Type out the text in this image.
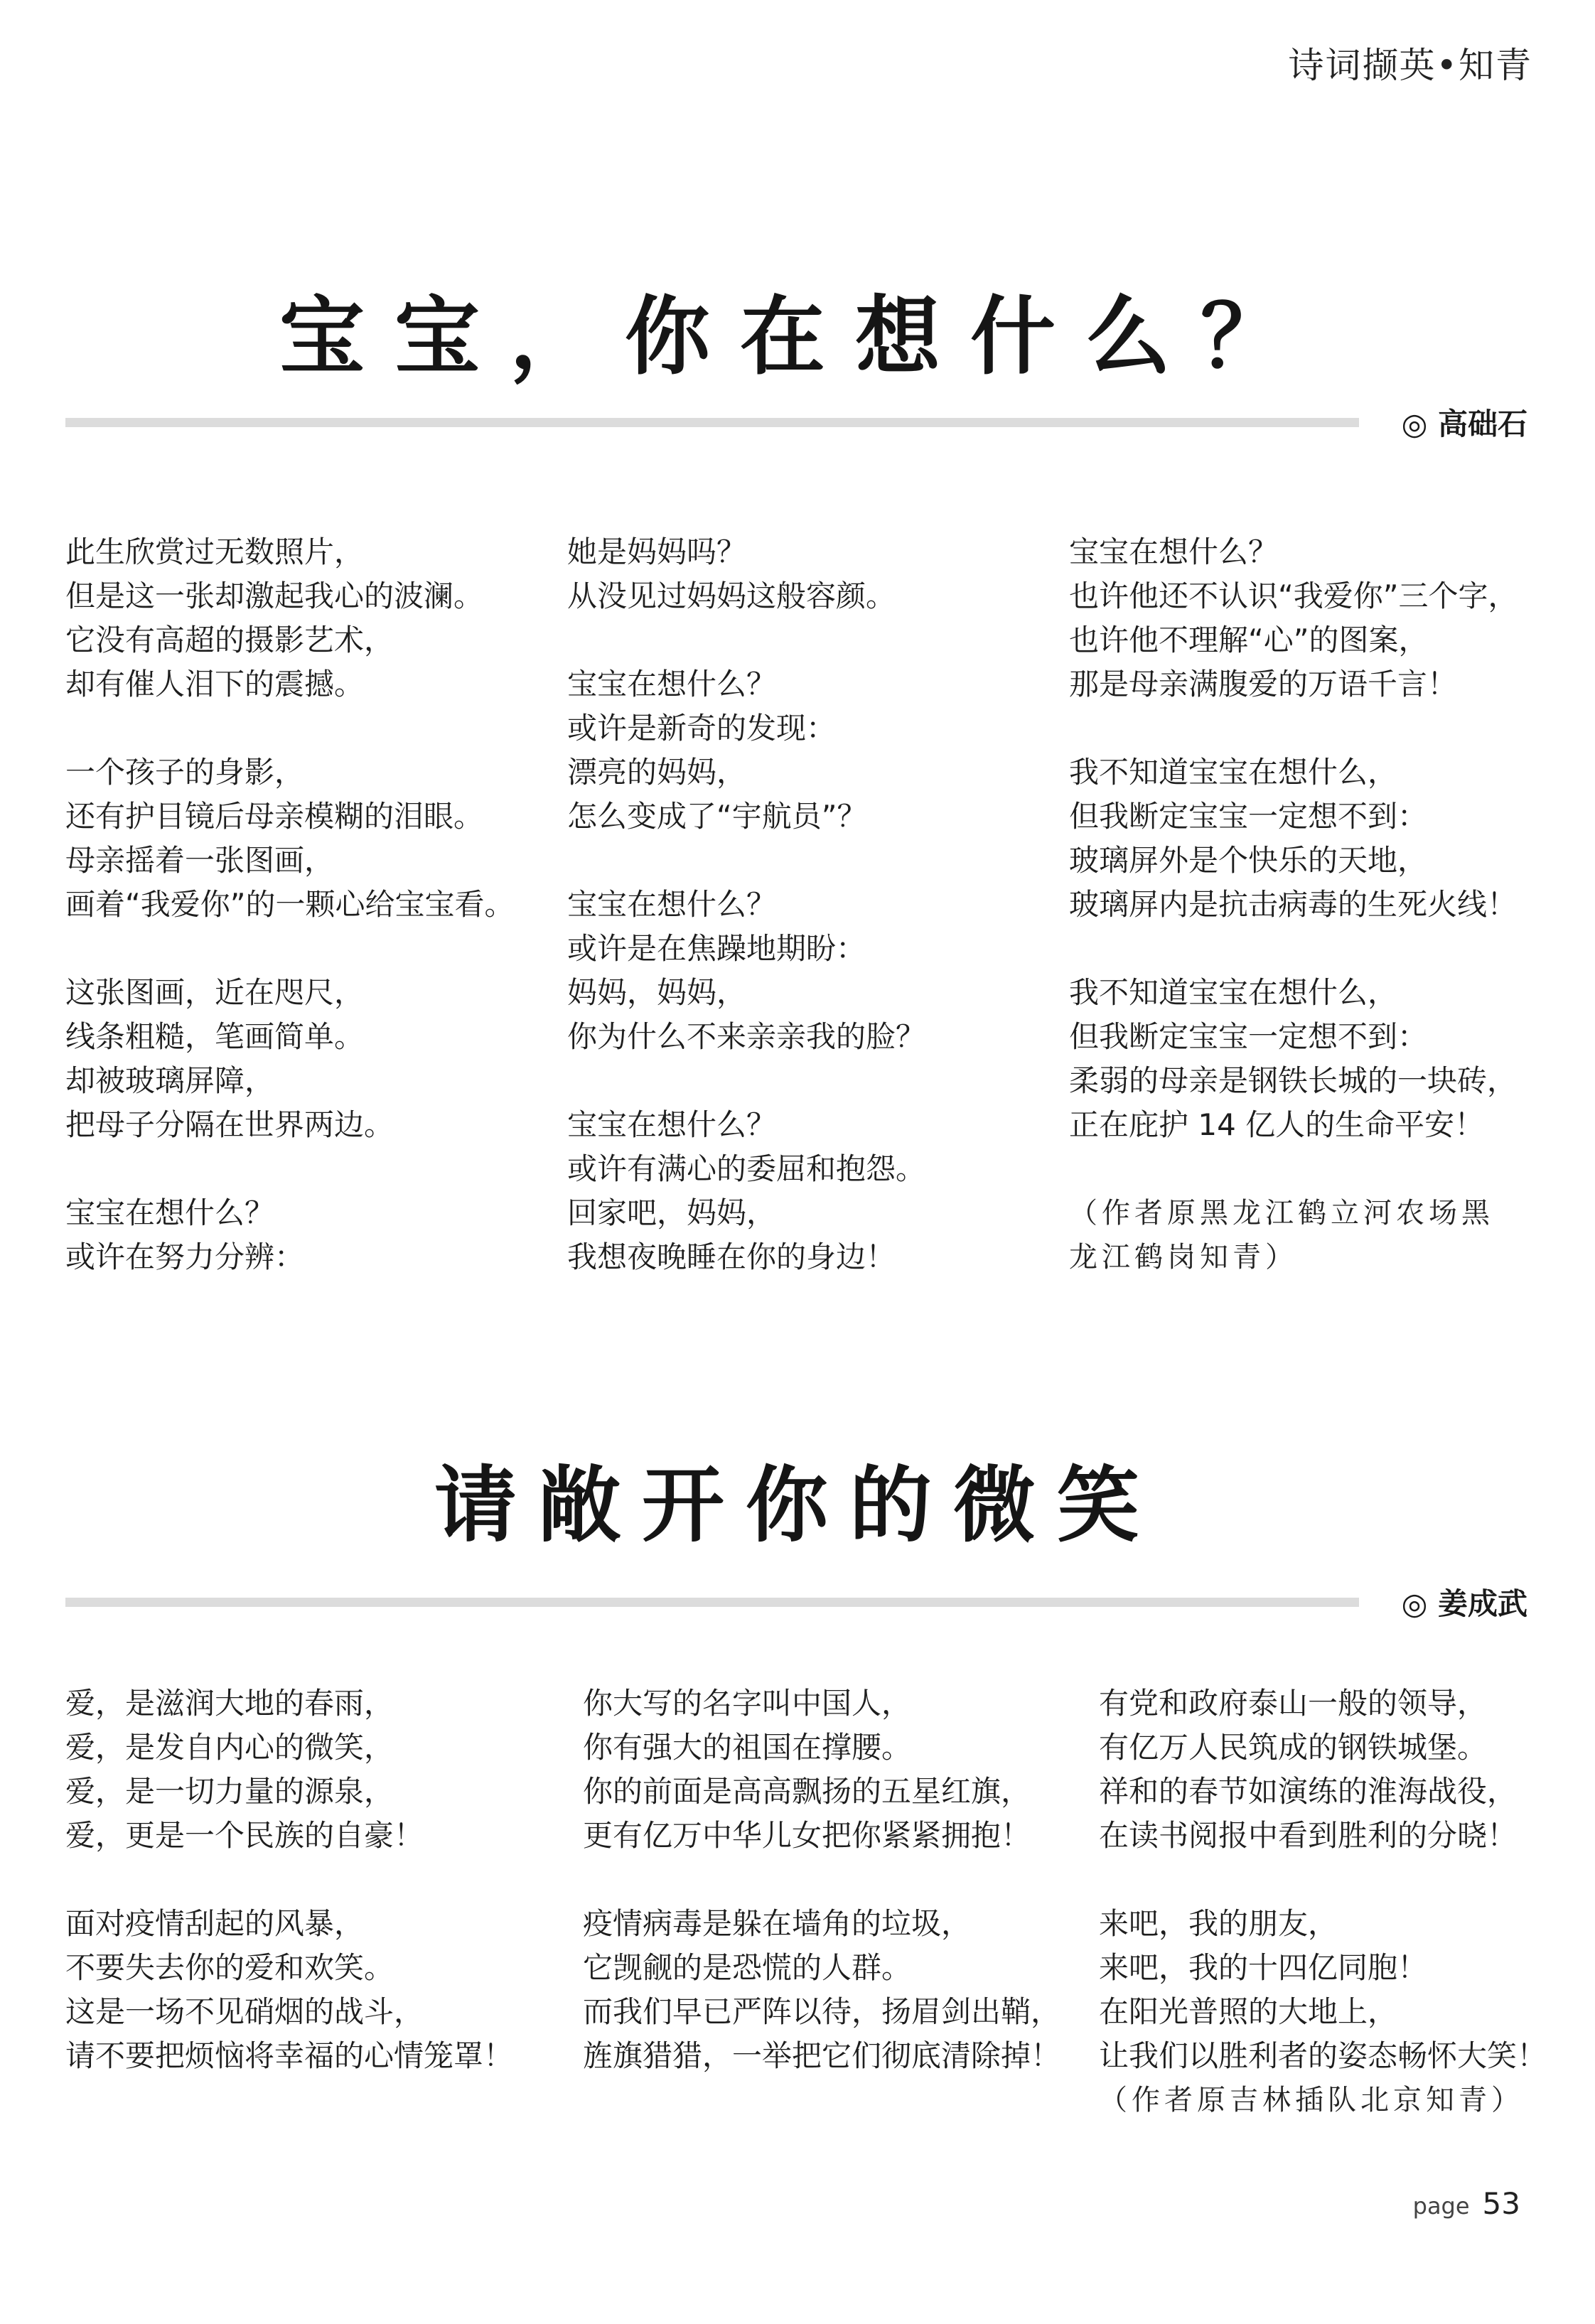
诗词撷英•知青
宝宝，你在想什么？
◎ 高础石
此生欣赏过无数照片，
但是这一张却激起我心的波澜。
它没有高超的摄影艺术，
却有催人泪下的震撼。
一个孩子的身影，
还有护目镜后母亲模糊的泪眼。
母亲摇着一张图画，
画着“我爱你”的一颗心给宝宝看。
这张图画，近在咫尺，
线条粗糙，笔画简单。
却被玻璃屏障，
把母子分隔在世界两边。
宝宝在想什么？
或许在努力分辨：
她是妈妈吗？
从没见过妈妈这般容颜。
宝宝在想什么？
或许是新奇的发现：
漂亮的妈妈，
怎么变成了“宇航员”？
宝宝在想什么？
或许是在焦躁地期盼：
妈妈，妈妈，
你为什么不来亲亲我的脸？
宝宝在想什么？
或许有满心的委屈和抱怨。
回家吧，妈妈，
我想夜晚睡在你的身边！
宝宝在想什么？
也许他还不认识“我爱你”三个字，
也许他不理解“心”的图案，
那是母亲满腹爱的万语千言！
我不知道宝宝在想什么，
但我断定宝宝一定想不到：
玻璃屏外是个快乐的天地，
玻璃屏内是抗击病毒的生死火线！
我不知道宝宝在想什么，
但我断定宝宝一定想不到：
柔弱的母亲是钢铁长城的一块砖，
正在庇护 14 亿人的生命平安！
（作者原黑龙江鹤立河农场黑
龙江鹤岗知青）
请敞开你的微笑
◎ 姜成武
爱，是滋润大地的春雨，
爱，是发自内心的微笑，
爱，是一切力量的源泉，
爱，更是一个民族的自豪！
面对疫情刮起的风暴，
不要失去你的爱和欢笑。
这是一场不见硝烟的战斗，
请不要把烦恼将幸福的心情笼罩！
你大写的名字叫中国人，
你有强大的祖国在撑腰。
你的前面是高高飘扬的五星红旗，
更有亿万中华儿女把你紧紧拥抱！
疫情病毒是躲在墙角的垃圾，
它觊觎的是恐慌的人群。
而我们早已严阵以待，扬眉剑出鞘，
旌旗猎猎，一举把它们彻底清除掉！
有党和政府泰山一般的领导，
有亿万人民筑成的钢铁城堡。
祥和的春节如演练的淮海战役，
在读书阅报中看到胜利的分晓！
来吧，我的朋友，
来吧，我的十四亿同胞！
在阳光普照的大地上，
让我们以胜利者的姿态畅怀大笑！
（作者原吉林插队北京知青）
page 53
